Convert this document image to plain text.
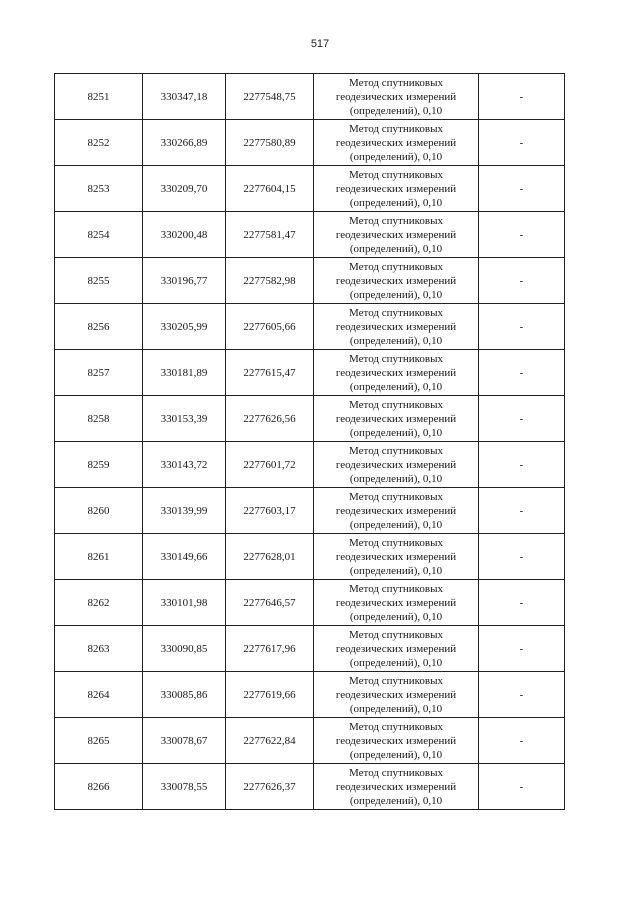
517
8251	330347,18	2277548,75	Метод спутниковых
геодезических измерений
(определений), 0,10	-
8252	330266,89	2277580,89	Метод спутниковых
геодезических измерений
(определений), 0,10	-
8253	330209,70	2277604,15	Метод спутниковых
геодезических измерений
(определений), 0,10	-
8254	330200,48	2277581,47	Метод спутниковых
геодезических измерений
(определений), 0,10	-
8255	330196,77	2277582,98	Метод спутниковых
геодезических измерений
(определений), 0,10	-
8256	330205,99	2277605,66	Метод спутниковых
геодезических измерений
(определений), 0,10	-
8257	330181,89	2277615,47	Метод спутниковых
геодезических измерений
(определений), 0,10	-
8258	330153,39	2277626,56	Метод спутниковых
геодезических измерений
(определений), 0,10	-
8259	330143,72	2277601,72	Метод спутниковых
геодезических измерений
(определений), 0,10	-
8260	330139,99	2277603,17	Метод спутниковых
геодезических измерений
(определений), 0,10	-
8261	330149,66	2277628,01	Метод спутниковых
геодезических измерений
(определений), 0,10	-
8262	330101,98	2277646,57	Метод спутниковых
геодезических измерений
(определений), 0,10	-
8263	330090,85	2277617,96	Метод спутниковых
геодезических измерений
(определений), 0,10	-
8264	330085,86	2277619,66	Метод спутниковых
геодезических измерений
(определений), 0,10	-
8265	330078,67	2277622,84	Метод спутниковых
геодезических измерений
(определений), 0,10	-
8266	330078,55	2277626,37	Метод спутниковых
геодезических измерений
(определений), 0,10	-
